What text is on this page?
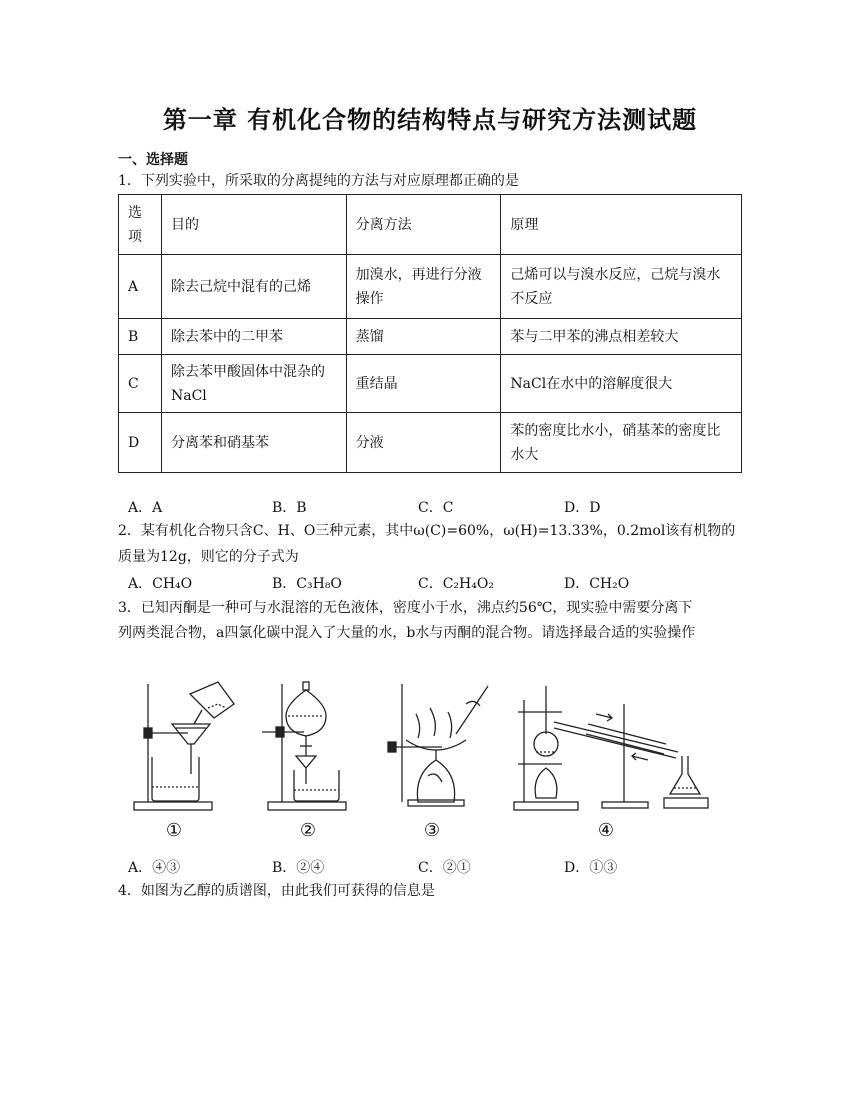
第一章 有机化合物的结构特点与研究方法测试题
一、选择题
1．下列实验中，所采取的分离提纯的方法与对应原理都正确的是
选项	目的	分离方法	原理
A	除去己烷中混有的己烯	加溴水，再进行分液操作	己烯可以与溴水反应，己烷与溴水不反应
B	除去苯中的二甲苯	蒸馏	苯与二甲苯的沸点相差较大
C	除去苯甲酸固体中混杂的NaCl	重结晶	NaCl在水中的溶解度很大
D	分离苯和硝基苯	分液	苯的密度比水小，硝基苯的密度比水大
A．A	B．B	C．C	D．D
2．某有机化合物只含C、H、O三种元素，其中ω(C)=60%，ω(H)=13.33%，0.2mol该有机物的
质量为12g，则它的分子式为
A．CH₄O	B．C₃H₈O	C．C₂H₄O₂	D．CH₂O
3．已知丙酮是一种可与水混溶的无色液体，密度小于水，沸点约56℃，现实验中需要分离下
列两类混合物，a四氯化碳中混入了大量的水，b水与丙酮的混合物。请选择最合适的实验操作
①	②	③	④
A．④③	B．②④	C．②①	D．①③
4．如图为乙醇的质谱图，由此我们可获得的信息是
